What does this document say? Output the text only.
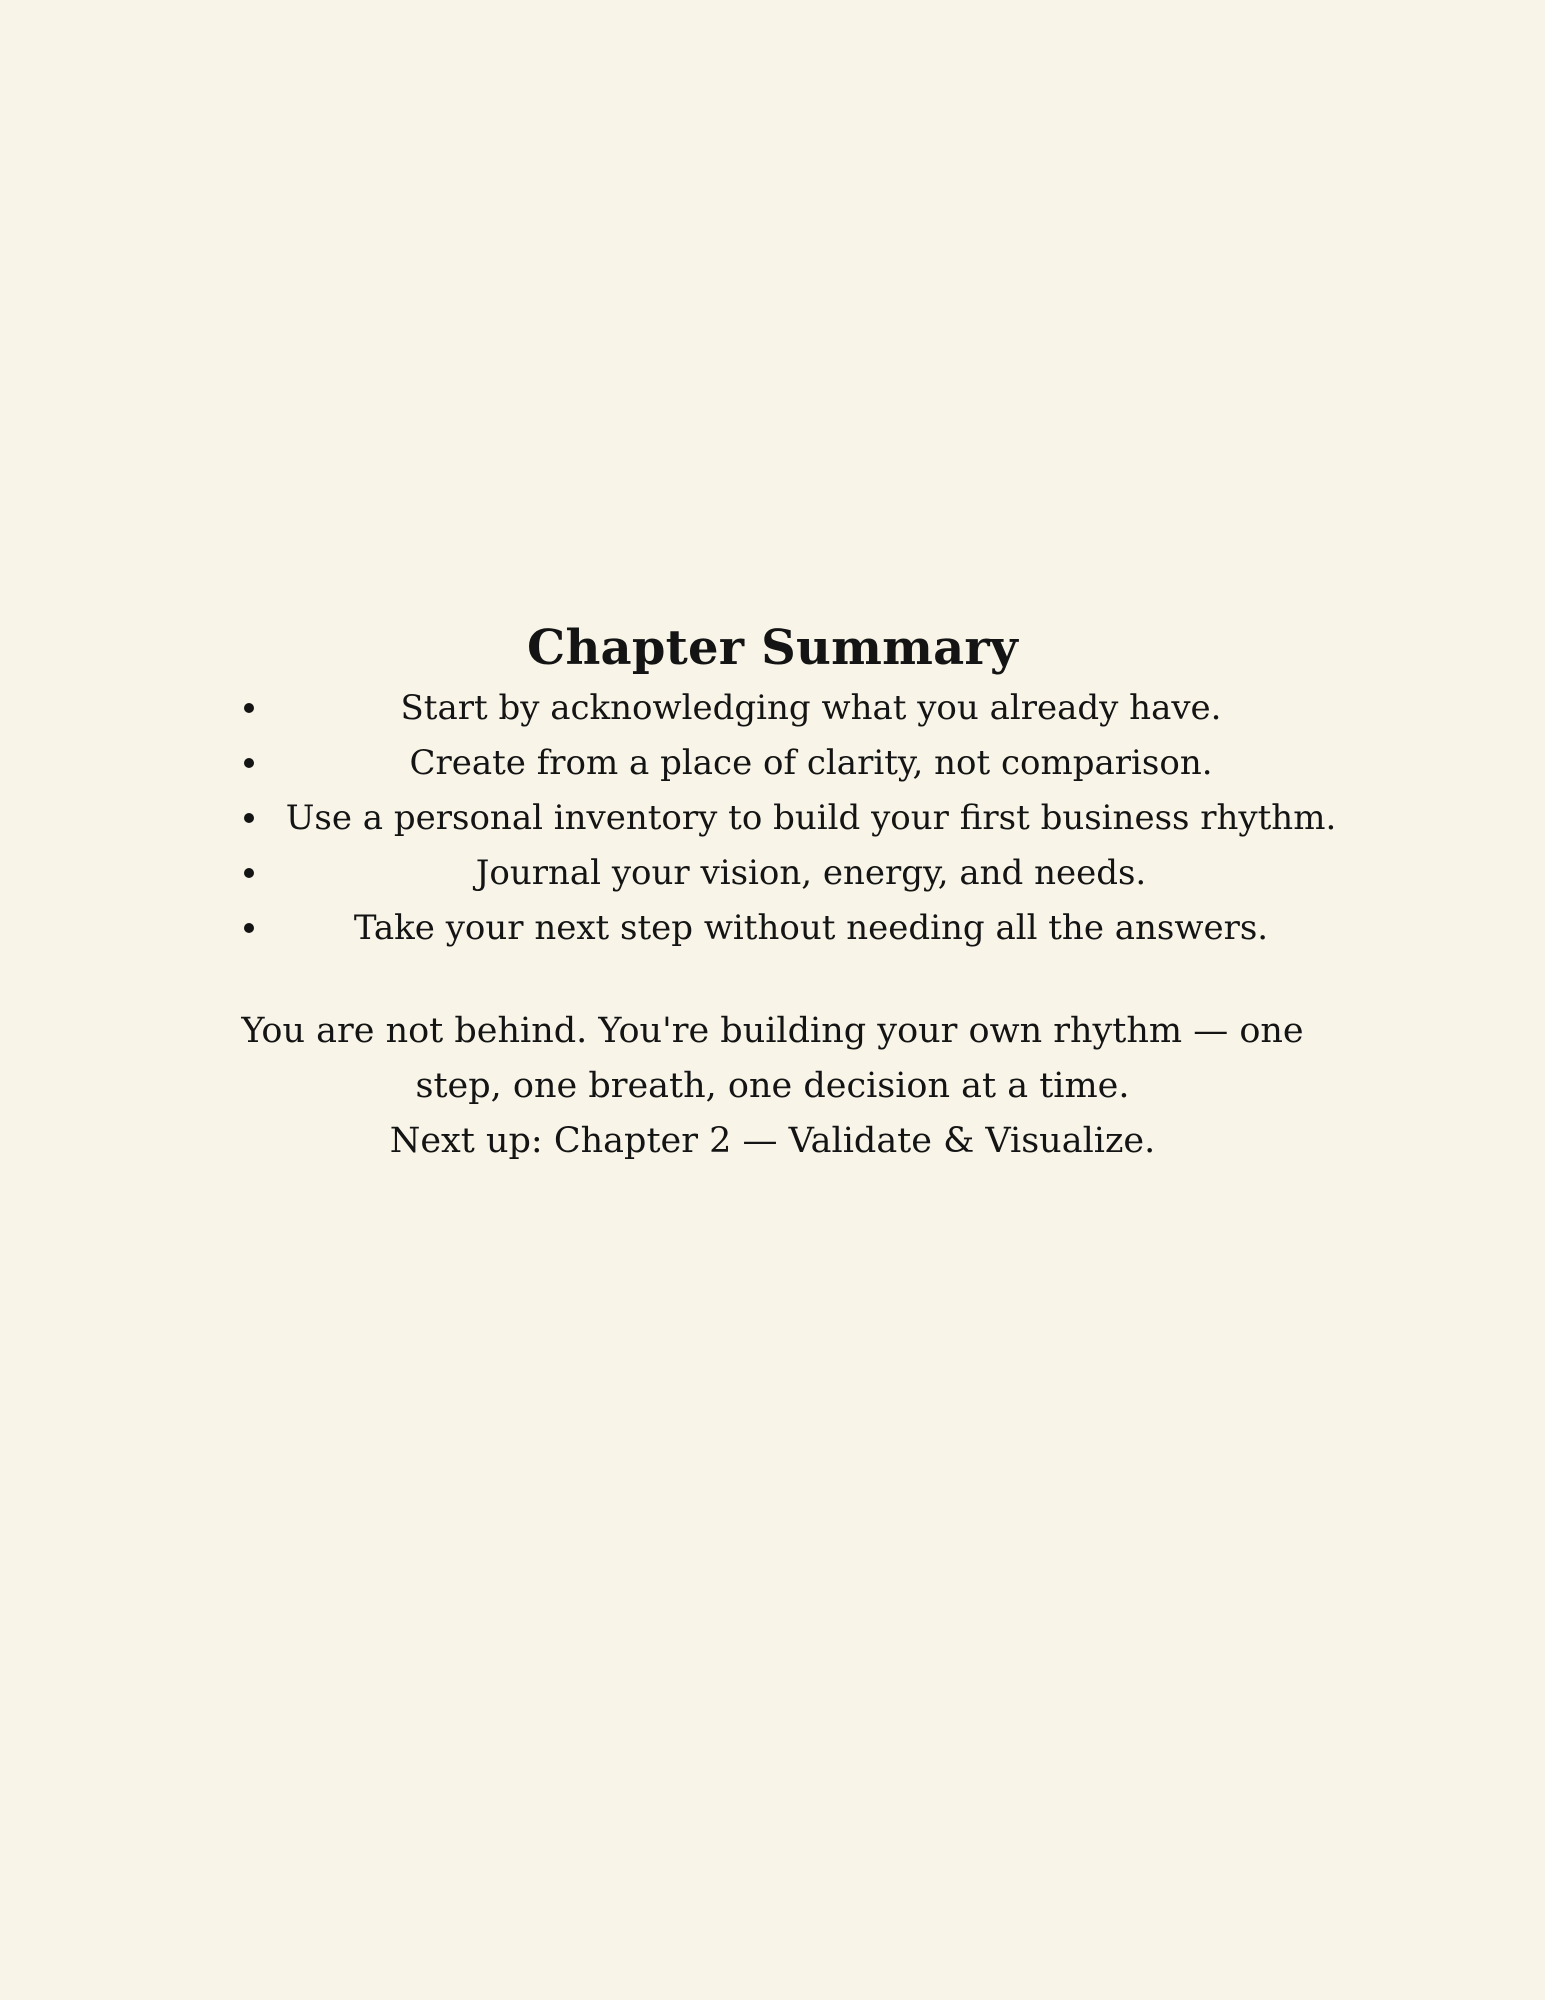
Chapter Summary
Start by acknowledging what you already have.
Create from a place of clarity, not comparison.
Use a personal inventory to build your first business rhythm.
Journal your vision, energy, and needs.
Take your next step without needing all the answers.

You are not behind. You're building your own rhythm — one step, one breath, one decision at a time.

Next up: Chapter 2 — Validate & Visualize.
